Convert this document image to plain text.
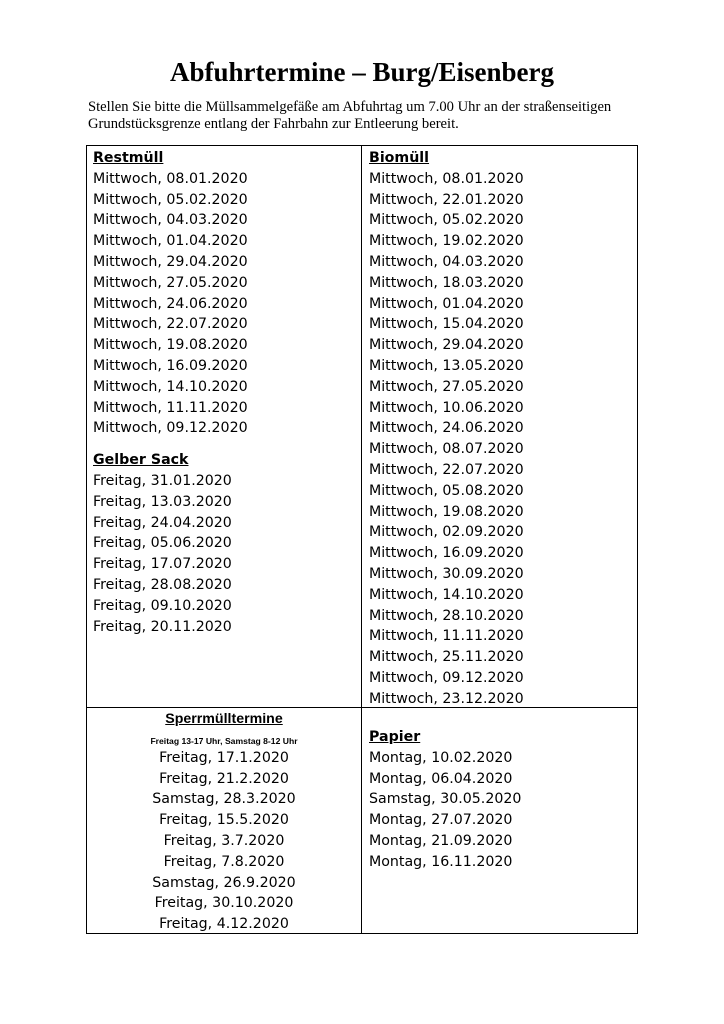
Abfuhrtermine – Burg/Eisenberg

Stellen Sie bitte die Müllsammelgefäße am Abfuhrtag um 7.00 Uhr an der straßenseitigen Grundstücksgrenze entlang der Fahrbahn zur Entleerung bereit.

Restmüll
Mittwoch, 08.01.2020
Mittwoch, 05.02.2020
Mittwoch, 04.03.2020
Mittwoch, 01.04.2020
Mittwoch, 29.04.2020
Mittwoch, 27.05.2020
Mittwoch, 24.06.2020
Mittwoch, 22.07.2020
Mittwoch, 19.08.2020
Mittwoch, 16.09.2020
Mittwoch, 14.10.2020
Mittwoch, 11.11.2020
Mittwoch, 09.12.2020
Gelber Sack
Freitag, 31.01.2020
Freitag, 13.03.2020
Freitag, 24.04.2020
Freitag, 05.06.2020
Freitag, 17.07.2020
Freitag, 28.08.2020
Freitag, 09.10.2020
Freitag, 20.11.2020
Biomüll
Mittwoch, 08.01.2020
Mittwoch, 22.01.2020
Mittwoch, 05.02.2020
Mittwoch, 19.02.2020
Mittwoch, 04.03.2020
Mittwoch, 18.03.2020
Mittwoch, 01.04.2020
Mittwoch, 15.04.2020
Mittwoch, 29.04.2020
Mittwoch, 13.05.2020
Mittwoch, 27.05.2020
Mittwoch, 10.06.2020
Mittwoch, 24.06.2020
Mittwoch, 08.07.2020
Mittwoch, 22.07.2020
Mittwoch, 05.08.2020
Mittwoch, 19.08.2020
Mittwoch, 02.09.2020
Mittwoch, 16.09.2020
Mittwoch, 30.09.2020
Mittwoch, 14.10.2020
Mittwoch, 28.10.2020
Mittwoch, 11.11.2020
Mittwoch, 25.11.2020
Mittwoch, 09.12.2020
Mittwoch, 23.12.2020
Sperrmülltermine
Freitag 13-17 Uhr, Samstag 8-12 Uhr
Freitag, 17.1.2020
Freitag, 21.2.2020
Samstag, 28.3.2020
Freitag, 15.5.2020
Freitag, 3.7.2020
Freitag, 7.8.2020
Samstag, 26.9.2020
Freitag, 30.10.2020
Freitag, 4.12.2020
Papier
Montag, 10.02.2020
Montag, 06.04.2020
Samstag, 30.05.2020
Montag, 27.07.2020
Montag, 21.09.2020
Montag, 16.11.2020
